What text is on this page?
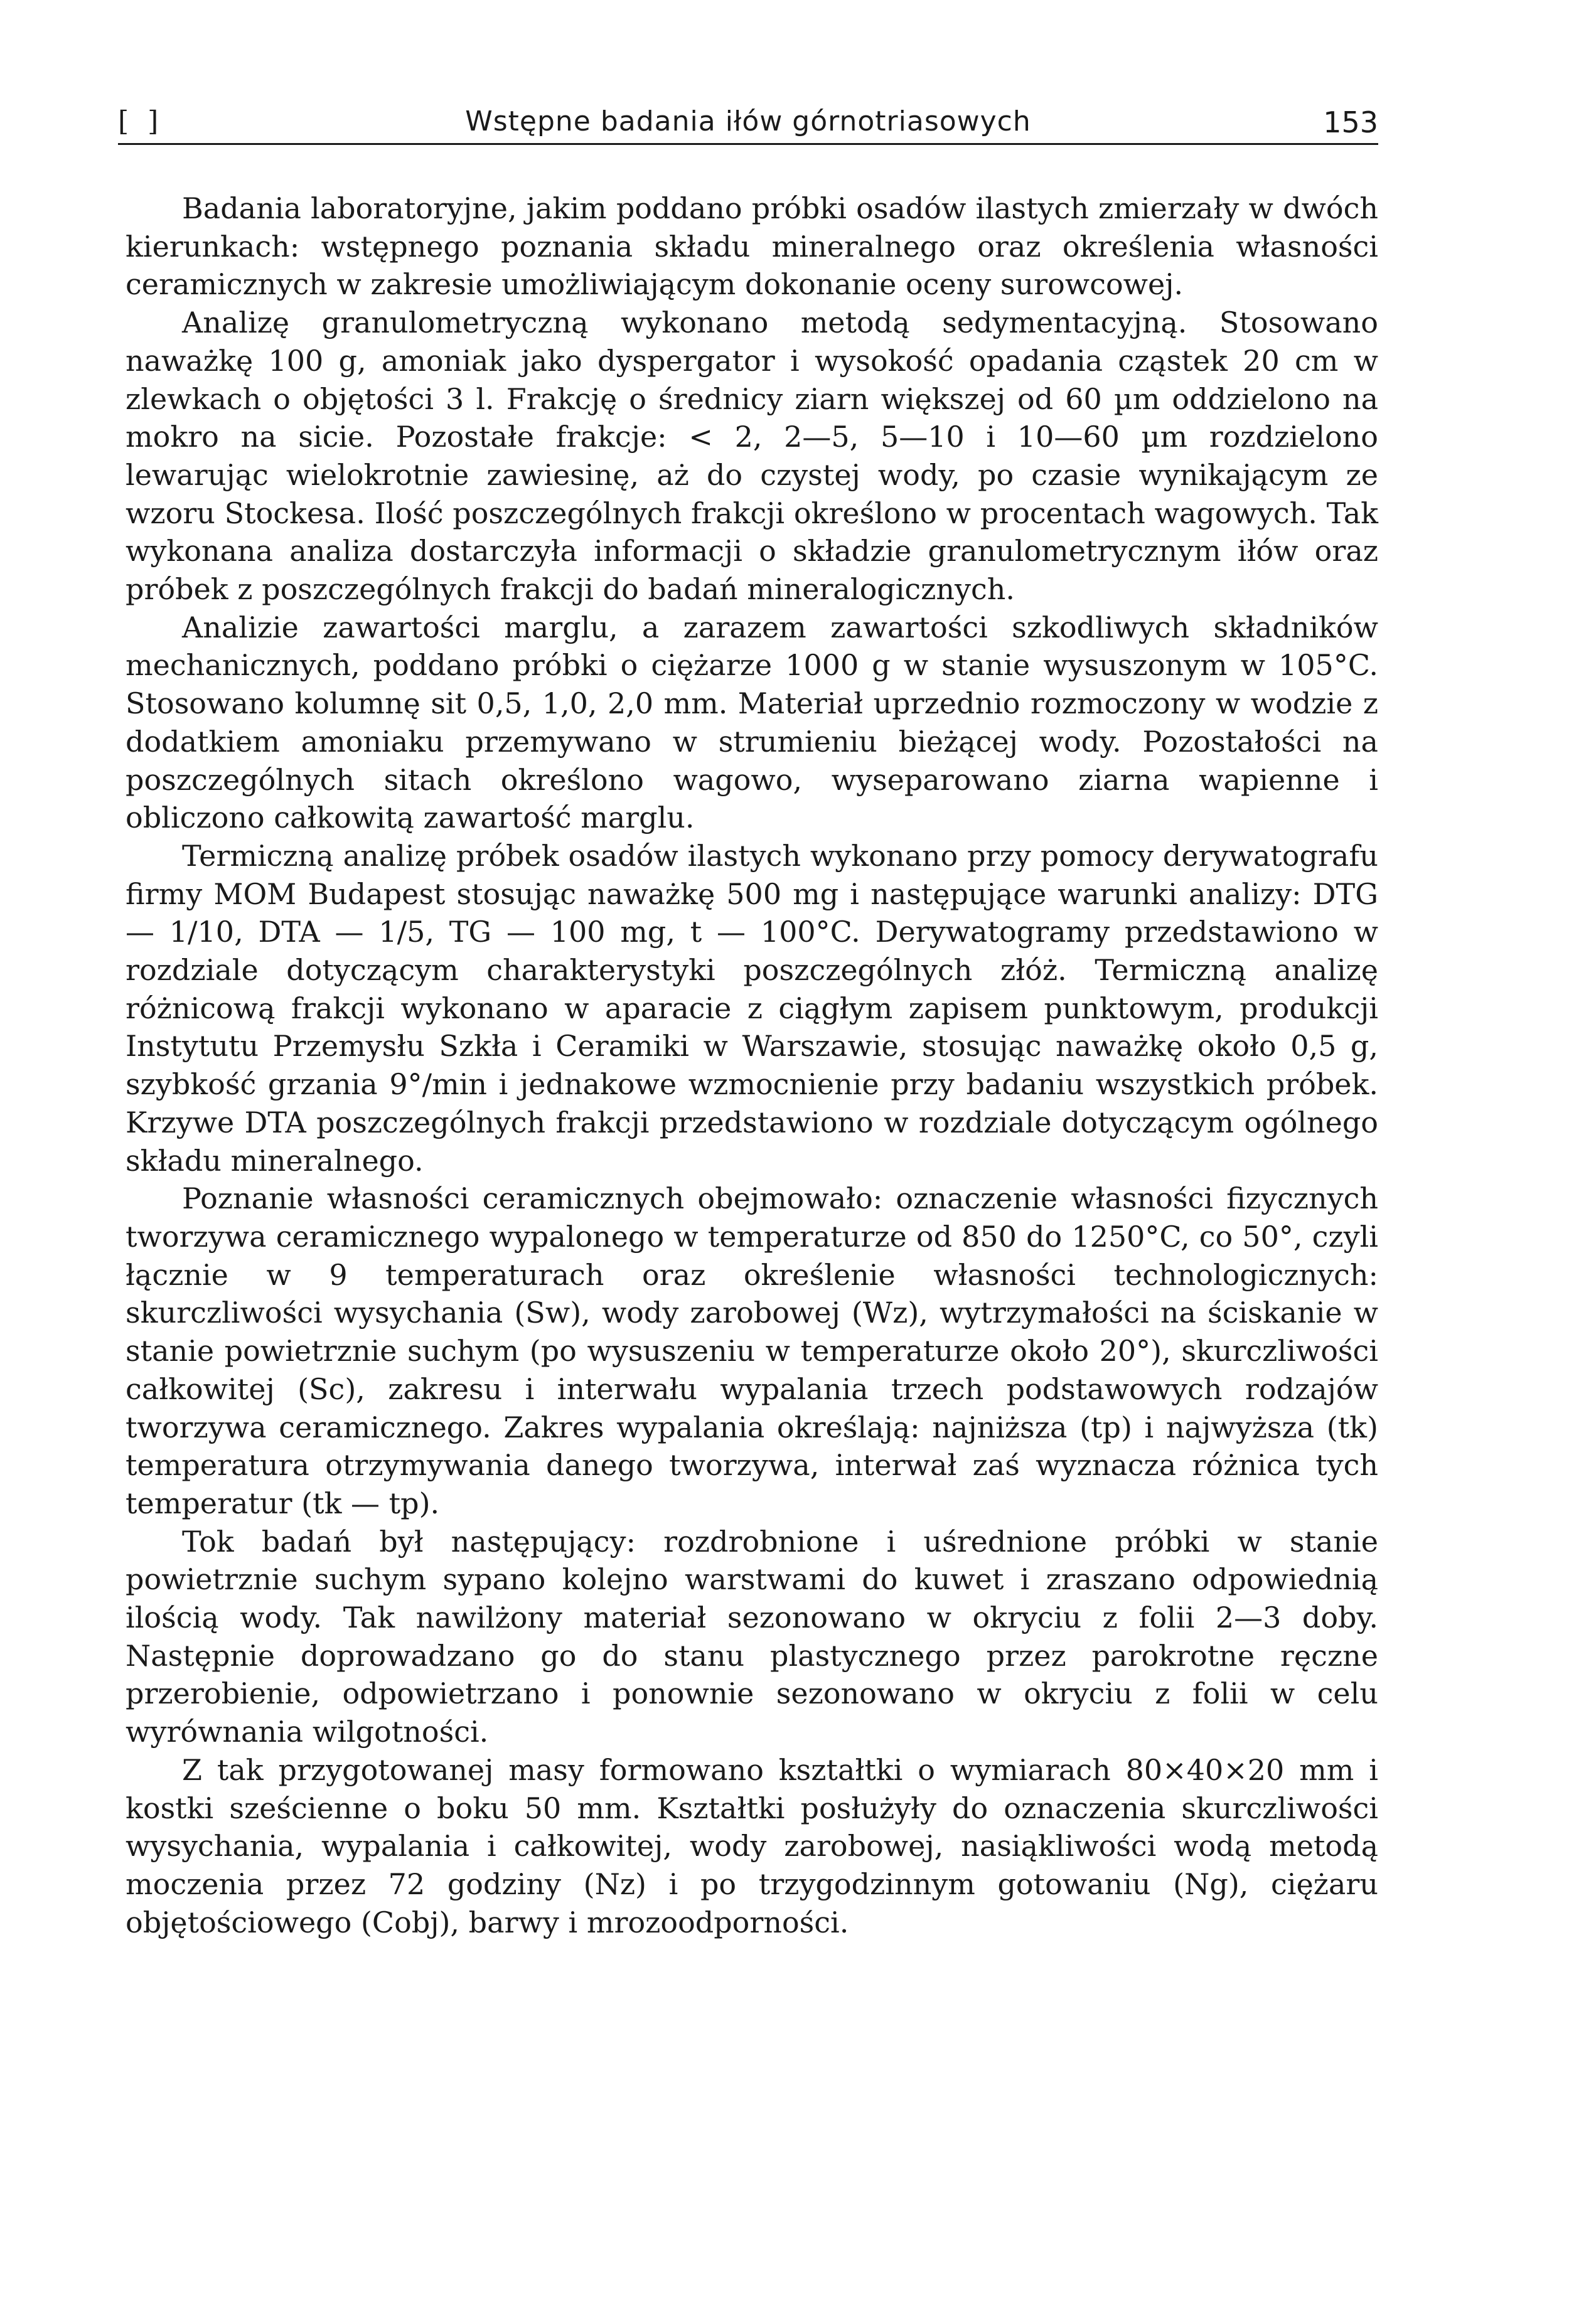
[ ]	Wstępne badania iłów górnotriasowych	153

Badania laboratoryjne, jakim poddano próbki osadów ilastych zmierzały w dwóch kierunkach: wstępnego poznania składu mineralnego oraz określenia własności ceramicznych w zakresie umożliwiającym dokonanie oceny surowcowej.

Analizę granulometryczną wykonano metodą sedymentacyjną. Stosowano naważkę 100 g, amoniak jako dyspergator i wysokość opadania cząstek 20 cm w zlewkach o objętości 3 l. Frakcję o średnicy ziarn większej od 60 µm oddzielono na mokro na sicie. Pozostałe frakcje: < 2, 2—5, 5—10 i 10—60 µm rozdzielono lewarując wielokrotnie zawiesinę, aż do czystej wody, po czasie wynikającym ze wzoru Stockesa. Ilość poszczególnych frakcji określono w procentach wagowych. Tak wykonana analiza dostarczyła informacji o składzie granulometrycznym iłów oraz próbek z poszczególnych frakcji do badań mineralogicznych.

Analizie zawartości marglu, a zarazem zawartości szkodliwych składników mechanicznych, poddano próbki o ciężarze 1000 g w stanie wysuszonym w 105°C. Stosowano kolumnę sit 0,5, 1,0, 2,0 mm. Materiał uprzednio rozmoczony w wodzie z dodatkiem amoniaku przemywano w strumieniu bieżącej wody. Pozostałości na poszczególnych sitach określono wagowo, wyseparowano ziarna wapienne i obliczono całkowitą zawartość marglu.

Termiczną analizę próbek osadów ilastych wykonano przy pomocy derywatografu firmy MOM Budapest stosując naważkę 500 mg i następujące warunki analizy: DTG — 1/10, DTA — 1/5, TG — 100 mg, t — 100°C. Derywatogramy przedstawiono w rozdziale dotyczącym charakterystyki poszczególnych złóż. Termiczną analizę różnicową frakcji wykonano w aparacie z ciągłym zapisem punktowym, produkcji Instytutu Przemysłu Szkła i Ceramiki w Warszawie, stosując naważkę około 0,5 g, szybkość grzania 9°/min i jednakowe wzmocnienie przy badaniu wszystkich próbek. Krzywe DTA poszczególnych frakcji przedstawiono w rozdziale dotyczącym ogólnego składu mineralnego.

Poznanie własności ceramicznych obejmowało: oznaczenie własności fizycznych tworzywa ceramicznego wypalonego w temperaturze od 850 do 1250°C, co 50°, czyli łącznie w 9 temperaturach oraz określenie własności technologicznych: skurczliwości wysychania (Sw), wody zarobowej (Wz), wytrzymałości na ściskanie w stanie powietrznie suchym (po wysuszeniu w temperaturze około 20°), skurczliwości całkowitej (Sc), zakresu i interwału wypalania trzech podstawowych rodzajów tworzywa ceramicznego. Zakres wypalania określają: najniższa (tp) i najwyższa (tk) temperatura otrzymywania danego tworzywa, interwał zaś wyznacza różnica tych temperatur (tk — tp).

Tok badań był następujący: rozdrobnione i uśrednione próbki w stanie powietrznie suchym sypano kolejno warstwami do kuwet i zraszano odpowiednią ilością wody. Tak nawilżony materiał sezonowano w okryciu z folii 2—3 doby. Następnie doprowadzano go do stanu plastycznego przez parokrotne ręczne przerobienie, odpowietrzano i ponownie sezonowano w okryciu z folii w celu wyrównania wilgotności.

Z tak przygotowanej masy formowano kształtki o wymiarach 80×40×20 mm i kostki sześcienne o boku 50 mm. Kształtki posłużyły do oznaczenia skurczliwości wysychania, wypalania i całkowitej, wody zarobowej, nasiąkliwości wodą metodą moczenia przez 72 godziny (Nz) i po trzygodzinnym gotowaniu (Ng), ciężaru objętościowego (Cobj), barwy i mrozoodporności.
